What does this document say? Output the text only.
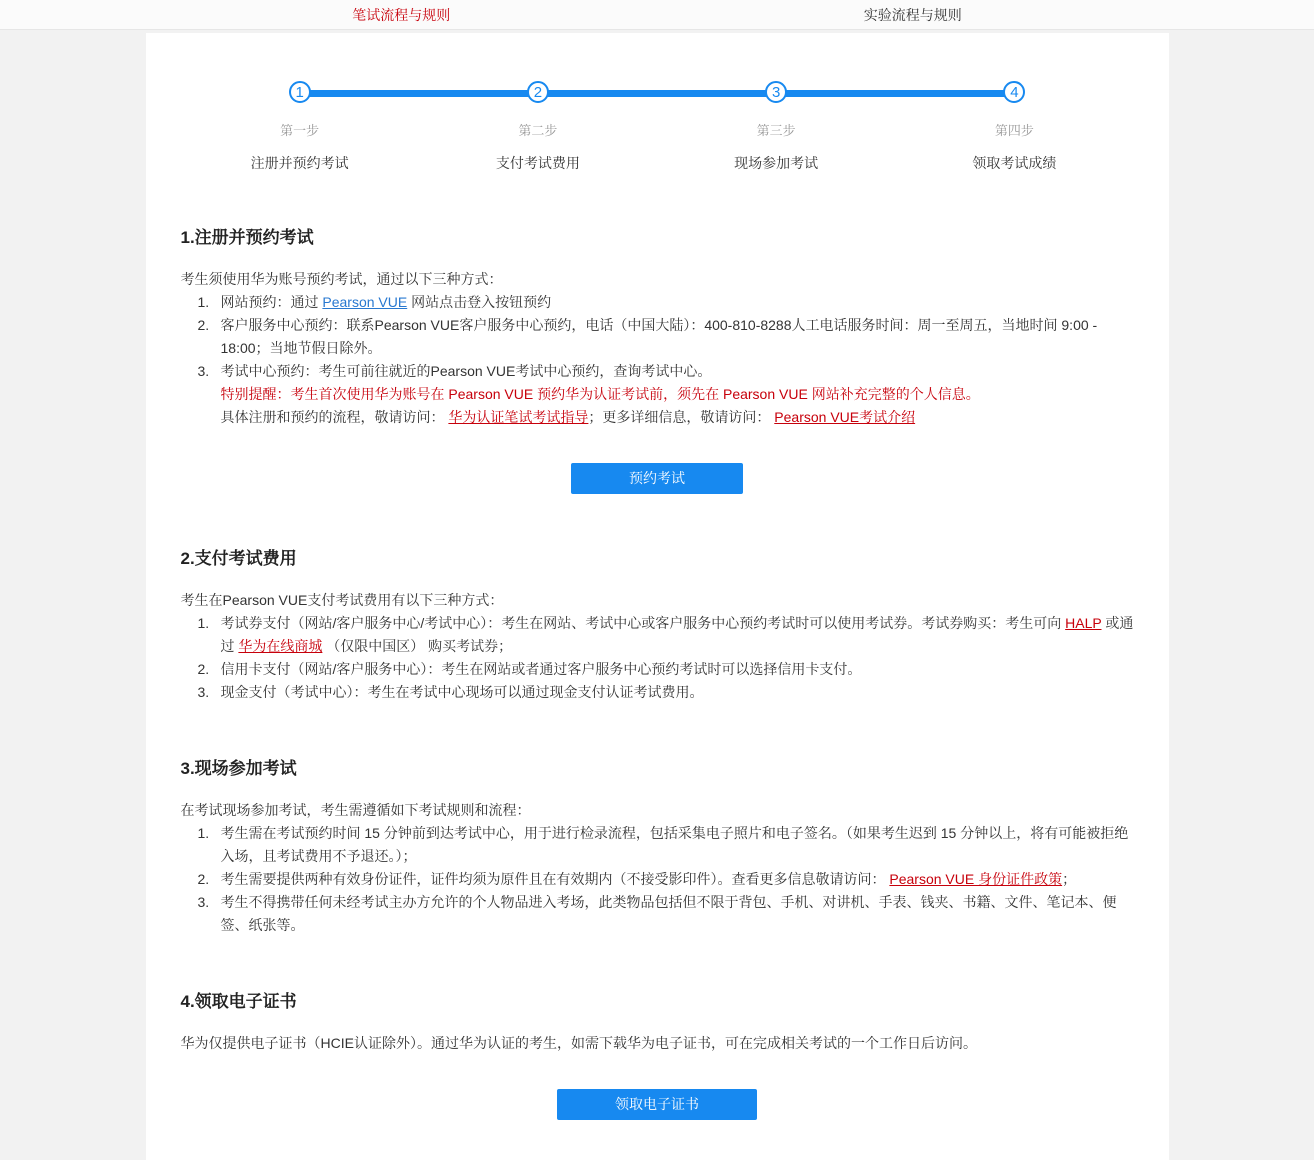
笔试流程与规则	实验流程与规则
1
第一步
注册并预约考试
2
第二步
支付考试费用
3
第三步
现场参加考试
4
第四步
领取考试成绩
1.注册并预约考试
考生须使用华为账号预约考试，通过以下三种方式：
1. 网站预约：通过 Pearson VUE 网站点击登入按钮预约
2. 客户服务中心预约：联系Pearson VUE客户服务中心预约，电话（中国大陆）：400-810-8288人工电话服务时间：周一至周五，当地时间 9:00 - 18:00；当地节假日除外。
3. 考试中心预约：考生可前往就近的Pearson VUE考试中心预约，查询考试中心。
特别提醒：考生首次使用华为账号在 Pearson VUE 预约华为认证考试前，须先在 Pearson VUE 网站补充完整的个人信息。
具体注册和预约的流程，敬请访问： 华为认证笔试考试指导；更多详细信息，敬请访问： Pearson VUE考试介绍
预约考试
2.支付考试费用
考生在Pearson VUE支付考试费用有以下三种方式：
1. 考试券支付（网站/客户服务中心/考试中心）：考生在网站、考试中心或客户服务中心预约考试时可以使用考试券。考试券购买：考生可向 HALP 或通过 华为在线商城 （仅限中国区） 购买考试券；
2. 信用卡支付（网站/客户服务中心）：考生在网站或者通过客户服务中心预约考试时可以选择信用卡支付。
3. 现金支付（考试中心）：考生在考试中心现场可以通过现金支付认证考试费用。
3.现场参加考试
在考试现场参加考试，考生需遵循如下考试规则和流程：
1. 考生需在考试预约时间 15 分钟前到达考试中心，用于进行检录流程，包括采集电子照片和电子签名。（如果考生迟到 15 分钟以上，将有可能被拒绝入场，且考试费用不予退还。）；
2. 考生需要提供两种有效身份证件，证件均须为原件且在有效期内（不接受影印件）。查看更多信息敬请访问： Pearson VUE 身份证件政策；
3. 考生不得携带任何未经考试主办方允许的个人物品进入考场，此类物品包括但不限于背包、手机、对讲机、手表、钱夹、书籍、文件、笔记本、便签、纸张等。
4.领取电子证书
华为仅提供电子证书（HCIE认证除外）。通过华为认证的考生，如需下载华为电子证书，可在完成相关考试的一个工作日后访问。
领取电子证书
